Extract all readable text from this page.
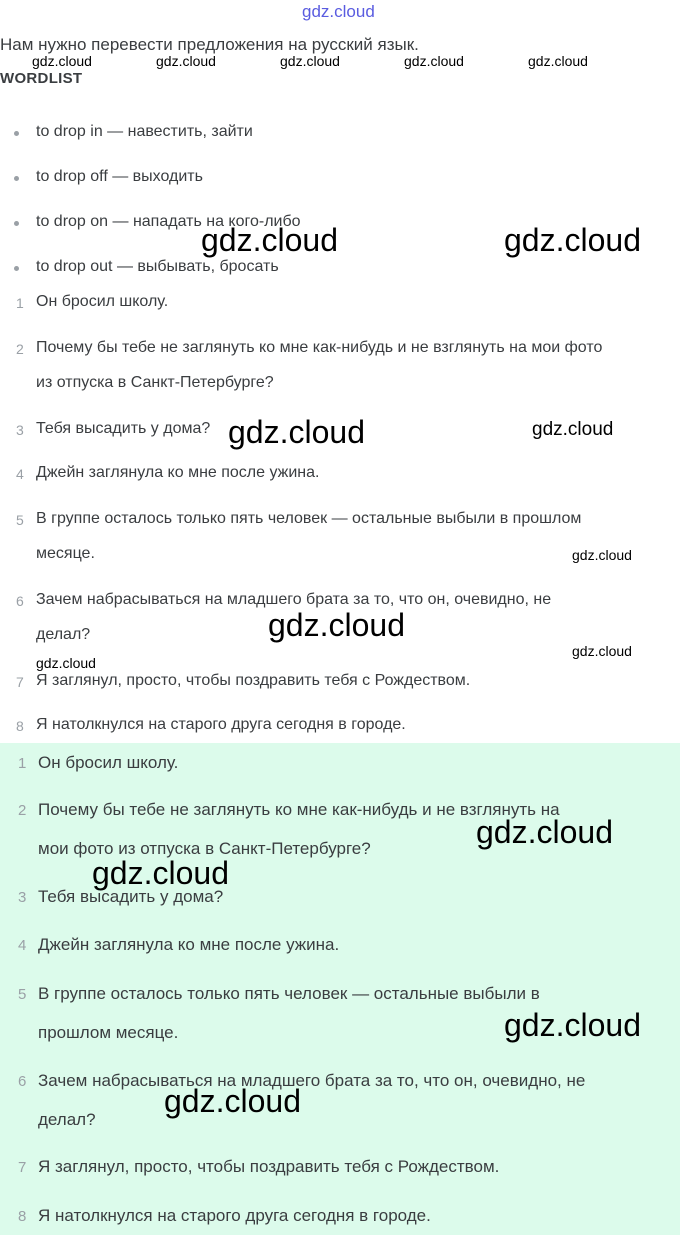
gdz.cloud
Нам нужно перевести предложения на русский язык.
WORDLIST
to drop in — навестить, зайти
to drop off — выходить
to drop on — нападать на кого-либо
to drop out — выбывать, бросать
1 Он бросил школу.
2 Почему бы тебе не заглянуть ко мне как-нибудь и не взглянуть на мои фото
из отпуска в Санкт-Петербурге?
3 Тебя высадить у дома?
4 Джейн заглянула ко мне после ужина.
5 В группе осталось только пять человек — остальные выбыли в прошлом
месяце.
6 Зачем набрасываться на младшего брата за то, что он, очевидно, не
делал?
7 Я заглянул, просто, чтобы поздравить тебя с Рождеством.
8 Я натолкнулся на старого друга сегодня в городе.
1 Он бросил школу.
2 Почему бы тебе не заглянуть ко мне как-нибудь и не взглянуть на
мои фото из отпуска в Санкт-Петербурге?
3 Тебя высадить у дома?
4 Джейн заглянула ко мне после ужина.
5 В группе осталось только пять человек — остальные выбыли в
прошлом месяце.
6 Зачем набрасываться на младшего брата за то, что он, очевидно, не
делал?
7 Я заглянул, просто, чтобы поздравить тебя с Рождеством.
8 Я натолкнулся на старого друга сегодня в городе.
gdz.cloud	gdz.cloud	gdz.cloud	gdz.cloud	gdz.cloud
gdz.cloud	gdz.cloud
gdz.cloud	gdz.cloud
gdz.cloud
gdz.cloud
gdz.cloud
gdz.cloud
gdz.cloud
gdz.cloud
gdz.cloud
gdz.cloud
